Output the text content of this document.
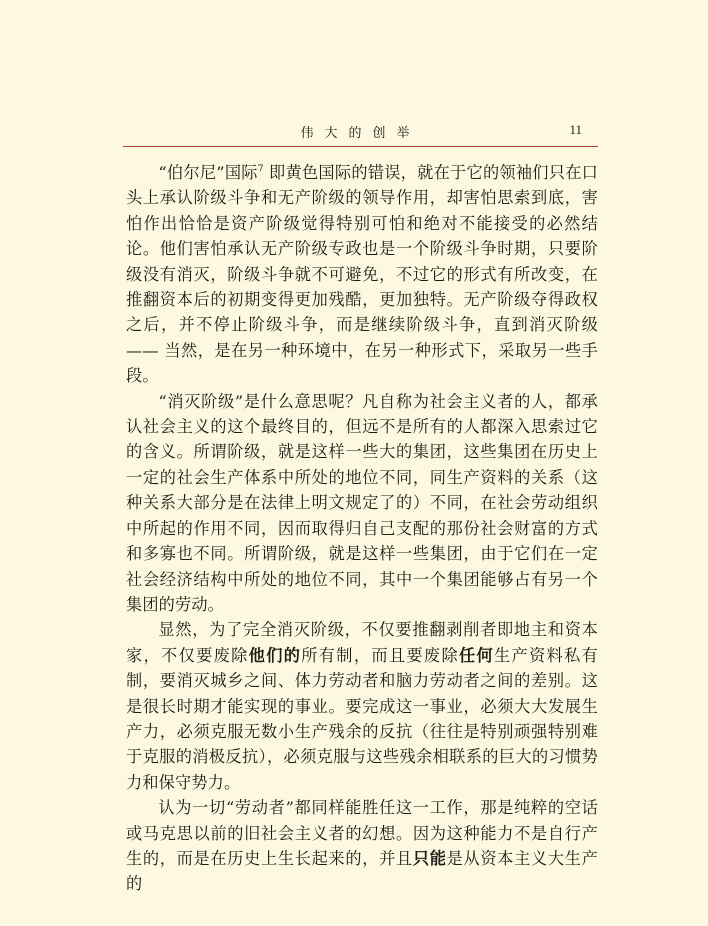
伟大的创举	11

“伯尔尼”国际$^7$ 即黄色国际的错误，就在于它的领袖们只在口头上承认阶级斗争和无产阶级的领导作用，却害怕思索到底，害怕作出恰恰是资产阶级觉得特别可怕和绝对不能接受的必然结论。他们害怕承认无产阶级专政也是一个阶级斗争时期，只要阶级没有消灭，阶级斗争就不可避免，不过它的形式有所改变，在推翻资本后的初期变得更加残酷，更加独特。无产阶级夺得政权之后，并不停止阶级斗争，而是继续阶级斗争，直到消灭阶级—— 当然，是在另一种环境中，在另一种形式下，采取另一些手段。

“消灭阶级”是什么意思呢？凡自称为社会主义者的人，都承认社会主义的这个最终目的，但远不是所有的人都深入思索过它的含义。所谓阶级，就是这样一些大的集团，这些集团在历史上一定的社会生产体系中所处的地位不同，同生产资料的关系（这种关系大部分是在法律上明文规定了的）不同，在社会劳动组织中所起的作用不同，因而取得归自己支配的那份社会财富的方式和多寡也不同。所谓阶级，就是这样一些集团，由于它们在一定社会经济结构中所处的地位不同，其中一个集团能够占有另一个集团的劳动。

显然，为了完全消灭阶级，不仅要推翻剥削者即地主和资本家，不仅要废除他们的所有制，而且要废除任何生产资料私有制，要消灭城乡之间、体力劳动者和脑力劳动者之间的差别。这是很长时期才能实现的事业。要完成这一事业，必须大大发展生产力，必须克服无数小生产残余的反抗（往往是特别顽强特别难于克服的消极反抗），必须克服与这些残余相联系的巨大的习惯势力和保守势力。

认为一切“劳动者”都同样能胜任这一工作，那是纯粹的空话或马克思以前的旧社会主义者的幻想。因为这种能力不是自行产生的，而是在历史上生长起来的，并且只能是从资本主义大生产的
